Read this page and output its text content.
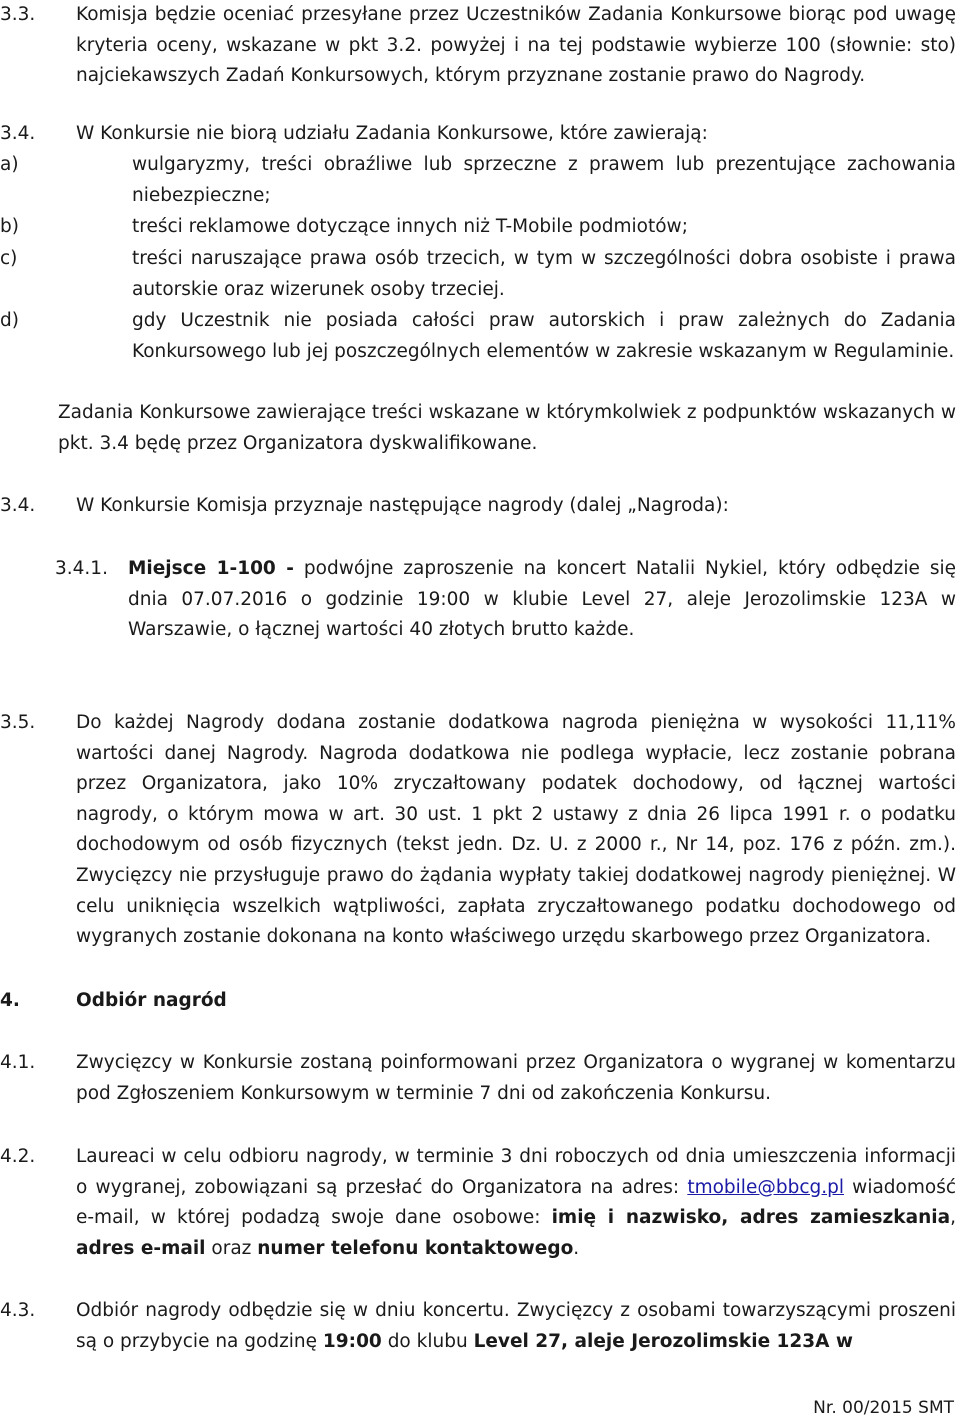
3.3. Komisja będzie oceniać przesyłane przez Uczestników Zadania Konkursowe biorąc pod uwagę kryteria oceny, wskazane w pkt 3.2. powyżej i na tej podstawie wybierze 100 (słownie: sto) najciekawszych Zadań Konkursowych, którym przyznane zostanie prawo do Nagrody.
3.4. W Konkursie nie biorą udziału Zadania Konkursowe, które zawierają:
a)	wulgaryzmy, treści obraźliwe lub sprzeczne z prawem lub prezentujące zachowania niebezpieczne;
b)	treści reklamowe dotyczące innych niż T-Mobile podmiotów;
c)	treści naruszające prawa osób trzecich, w tym w szczególności dobra osobiste i prawa autorskie oraz wizerunek osoby trzeciej.
d)	gdy Uczestnik nie posiada całości praw autorskich i praw zależnych do Zadania Konkursowego lub jej poszczególnych elementów w zakresie wskazanym w Regulaminie.
Zadania Konkursowe zawierające treści wskazane w którymkolwiek z podpunktów wskazanych w pkt. 3.4 będę przez Organizatora dyskwalifikowane.
3.4. W Konkursie Komisja przyznaje następujące nagrody (dalej „Nagroda):
3.4.1. Miejsce 1-100 - podwójne zaproszenie na koncert Natalii Nykiel, który odbędzie się dnia 07.07.2016 o godzinie 19:00 w klubie Level 27, aleje Jerozolimskie 123A w Warszawie, o łącznej wartości 40 złotych brutto każde.
3.5. Do każdej Nagrody dodana zostanie dodatkowa nagroda pieniężna w wysokości 11,11% wartości danej Nagrody. Nagroda dodatkowa nie podlega wypłacie, lecz zostanie pobrana przez Organizatora, jako 10% zryczałtowany podatek dochodowy, od łącznej wartości nagrody, o którym mowa w art. 30 ust. 1 pkt 2 ustawy z dnia 26 lipca 1991 r. o podatku dochodowym od osób fizycznych (tekst jedn. Dz. U. z 2000 r., Nr 14, poz. 176 z późn. zm.). Zwycięzcy nie przysługuje prawo do żądania wypłaty takiej dodatkowej nagrody pieniężnej. W celu uniknięcia wszelkich wątpliwości, zapłata zryczałtowanego podatku dochodowego od wygranych zostanie dokonana na konto właściwego urzędu skarbowego przez Organizatora.
4.	Odbiór nagród
4.1. Zwycięzcy w Konkursie zostaną poinformowani przez Organizatora o wygranej w komentarzu pod Zgłoszeniem Konkursowym w terminie 7 dni od zakończenia Konkursu.
4.2. Laureaci w celu odbioru nagrody, w terminie 3 dni roboczych od dnia umieszczenia informacji o wygranej, zobowiązani są przesłać do Organizatora na adres: tmobile@bbcg.pl wiadomość e-mail, w której podadzą swoje dane osobowe: imię i nazwisko, adres zamieszkania, adres e-mail oraz numer telefonu kontaktowego.
4.3. Odbiór nagrody odbędzie się w dniu koncertu. Zwycięzcy z osobami towarzyszącymi proszeni są o przybycie na godzinę 19:00 do klubu Level 27, aleje Jerozolimskie 123A w
Nr. 00/2015 SMT
